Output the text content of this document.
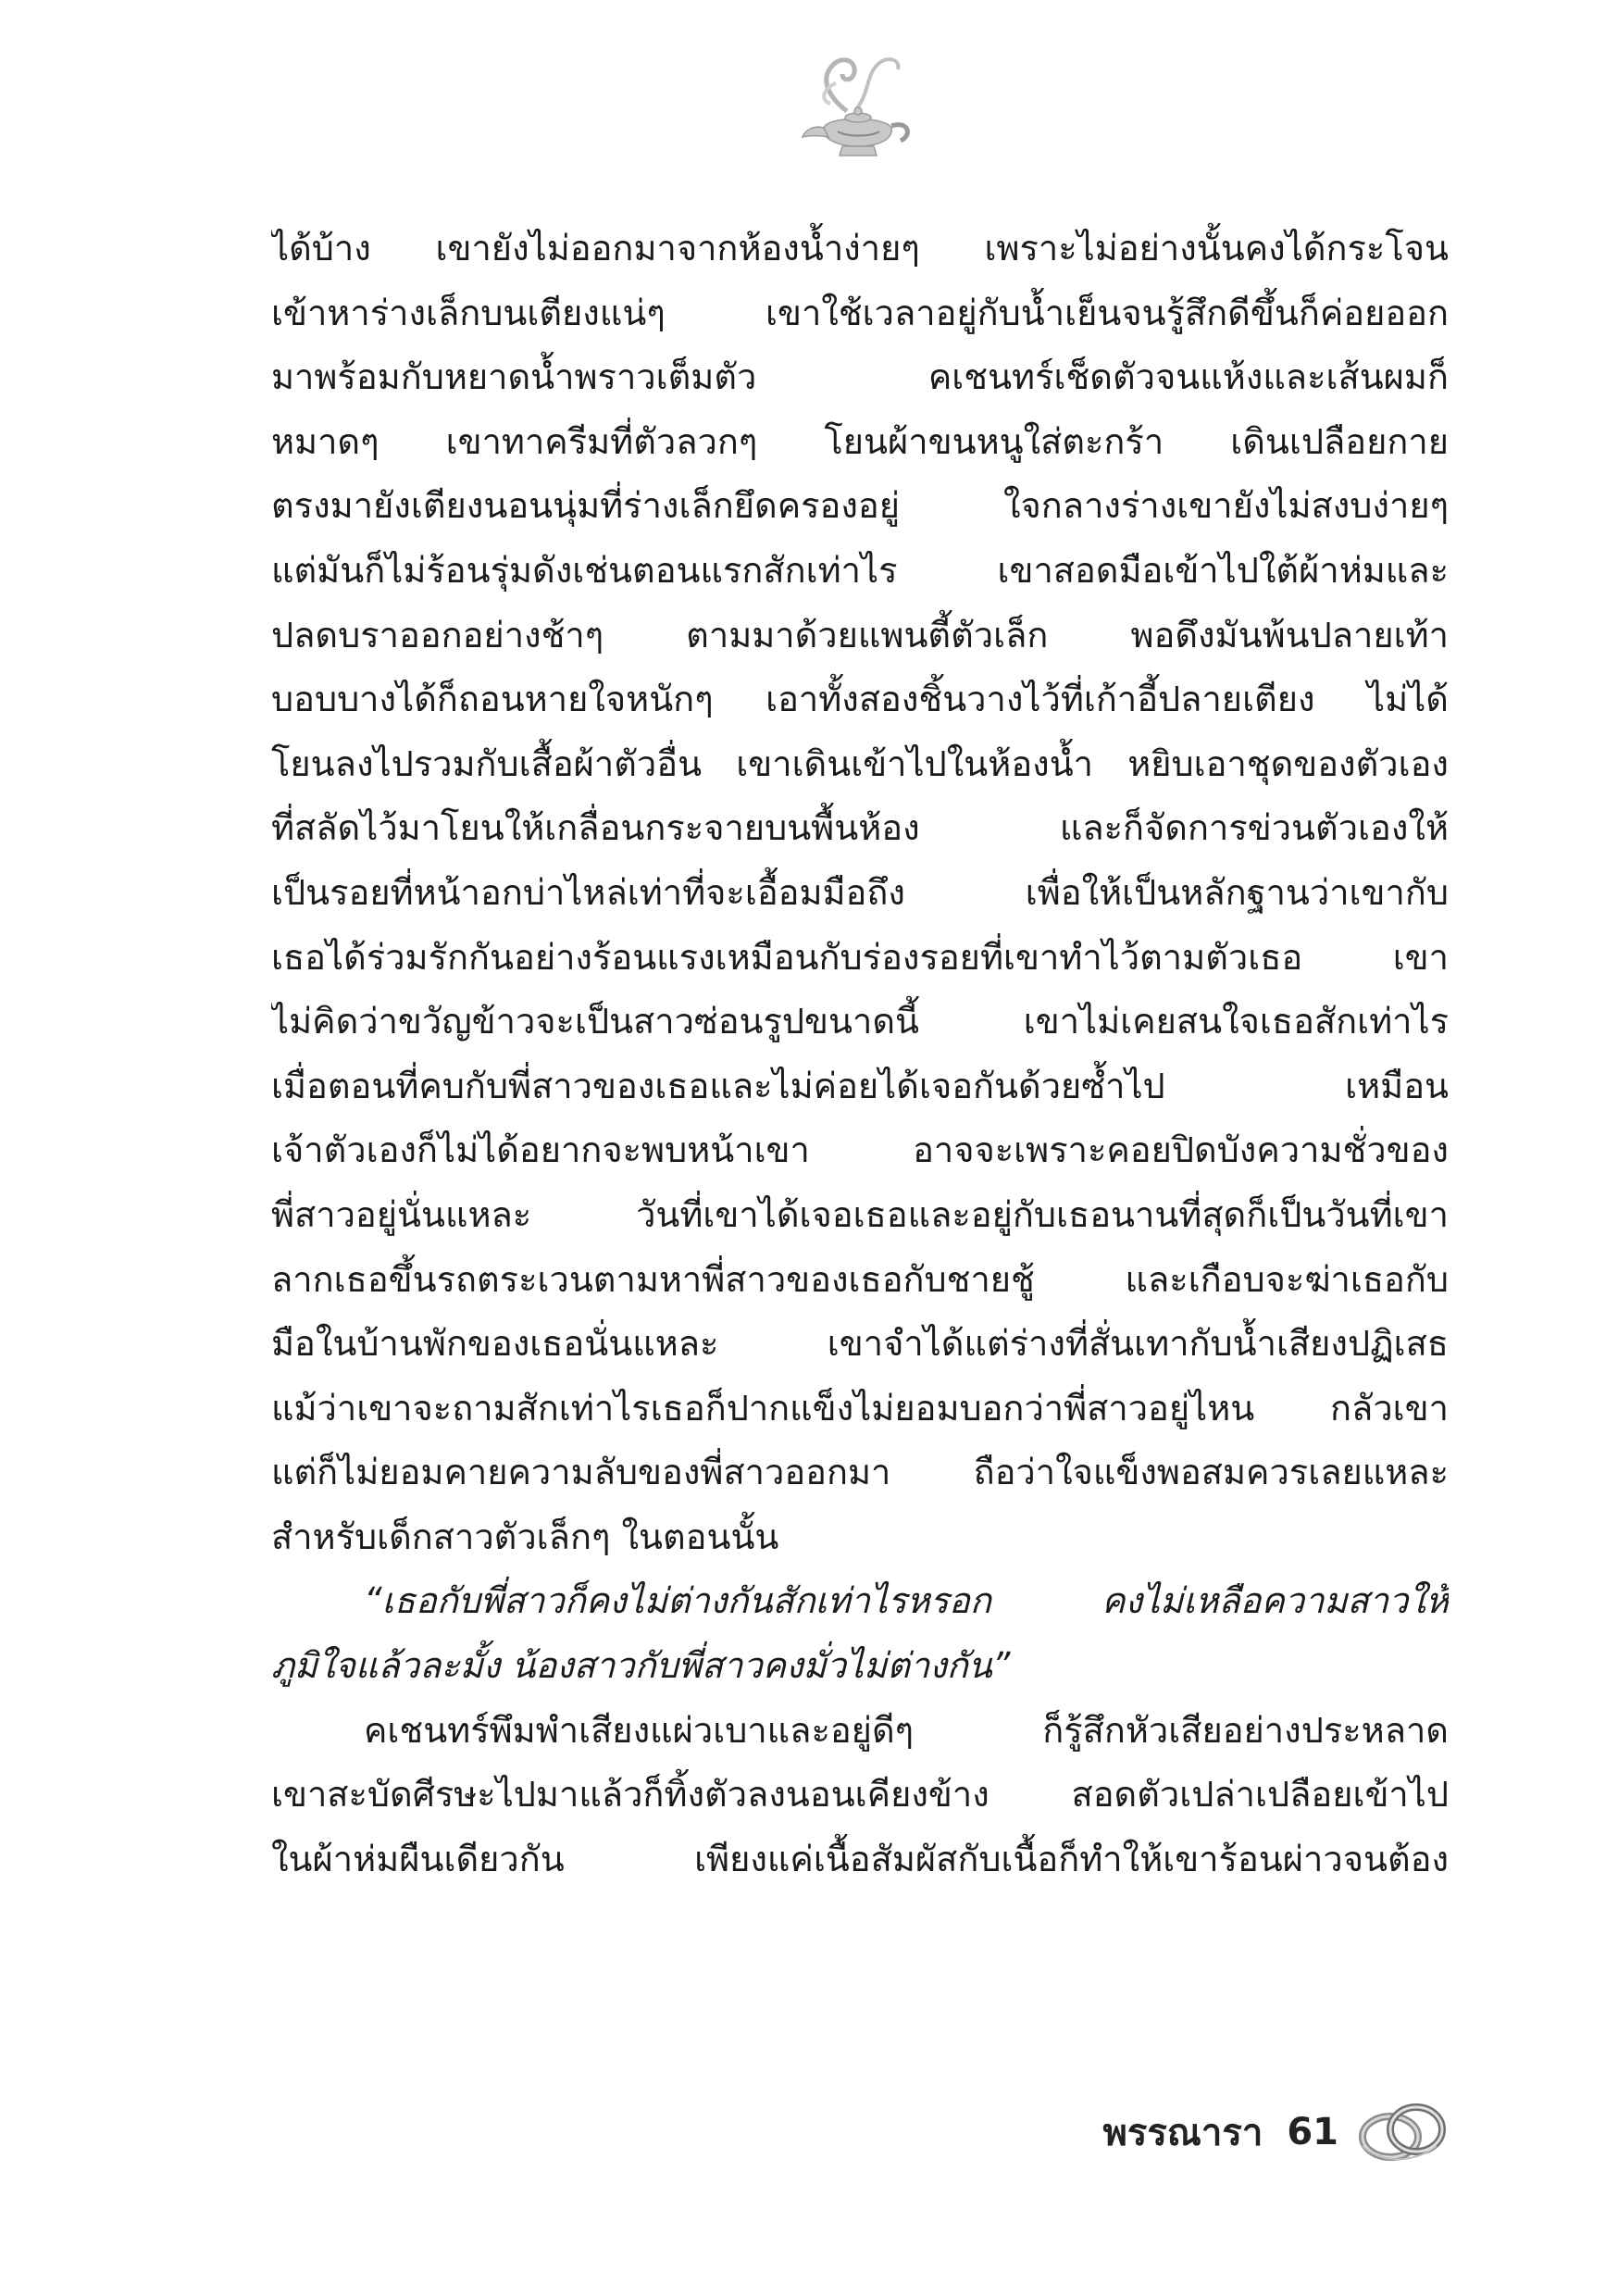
ได้บ้าง เขายังไม่ออกมาจากห้องน้ำง่ายๆ เพราะไม่อย่างนั้นคงได้กระโจน
เข้าหาร่างเล็กบนเตียงแน่ๆ เขาใช้เวลาอยู่กับน้ำเย็นจนรู้สึกดีขึ้นก็ค่อยออก
มาพร้อมกับหยาดน้ำพราวเต็มตัว คเชนทร์เช็ดตัวจนแห้งและเส้นผมก็
หมาดๆ เขาทาครีมที่ตัวลวกๆ โยนผ้าขนหนูใส่ตะกร้า เดินเปลือยกาย
ตรงมายังเตียงนอนนุ่มที่ร่างเล็กยึดครองอยู่ ใจกลางร่างเขายังไม่สงบง่ายๆ
แต่มันก็ไม่ร้อนรุ่มดังเช่นตอนแรกสักเท่าไร เขาสอดมือเข้าไปใต้ผ้าห่มและ
ปลดบราออกอย่างช้าๆ ตามมาด้วยแพนตี้ตัวเล็ก พอดึงมันพ้นปลายเท้า
บอบบางได้ก็ถอนหายใจหนักๆ เอาทั้งสองชิ้นวางไว้ที่เก้าอี้ปลายเตียง ไม่ได้
โยนลงไปรวมกับเสื้อผ้าตัวอื่น เขาเดินเข้าไปในห้องน้ำ หยิบเอาชุดของตัวเอง
ที่สลัดไว้มาโยนให้เกลื่อนกระจายบนพื้นห้อง และก็จัดการข่วนตัวเองให้
เป็นรอยที่หน้าอกบ่าไหล่เท่าที่จะเอื้อมมือถึง เพื่อให้เป็นหลักฐานว่าเขากับ
เธอได้ร่วมรักกันอย่างร้อนแรงเหมือนกับร่องรอยที่เขาทำไว้ตามตัวเธอ เขา
ไม่คิดว่าขวัญข้าวจะเป็นสาวซ่อนรูปขนาดนี้ เขาไม่เคยสนใจเธอสักเท่าไร
เมื่อตอนที่คบกับพี่สาวของเธอและไม่ค่อยได้เจอกันด้วยซ้ำไป เหมือน
เจ้าตัวเองก็ไม่ได้อยากจะพบหน้าเขา อาจจะเพราะคอยปิดบังความชั่วของ
พี่สาวอยู่นั่นแหละ วันที่เขาได้เจอเธอและอยู่กับเธอนานที่สุดก็เป็นวันที่เขา
ลากเธอขึ้นรถตระเวนตามหาพี่สาวของเธอกับชายชู้ และเกือบจะฆ่าเธอกับ
มือในบ้านพักของเธอนั่นแหละ เขาจำได้แต่ร่างที่สั่นเทากับน้ำเสียงปฏิเสธ
แม้ว่าเขาจะถามสักเท่าไรเธอก็ปากแข็งไม่ยอมบอกว่าพี่สาวอยู่ไหน กลัวเขา
แต่ก็ไม่ยอมคายความลับของพี่สาวออกมา ถือว่าใจแข็งพอสมควรเลยแหละ
สำหรับเด็กสาวตัวเล็กๆ ในตอนนั้น
“เธอกับพี่สาวก็คงไม่ต่างกันสักเท่าไรหรอก คงไม่เหลือความสาวให้
ภูมิใจแล้วละมั้ง น้องสาวกับพี่สาวคงมั่วไม่ต่างกัน”
คเชนทร์พึมพำเสียงแผ่วเบาและอยู่ดีๆ ก็รู้สึกหัวเสียอย่างประหลาด
เขาสะบัดศีรษะไปมาแล้วก็ทิ้งตัวลงนอนเคียงข้าง สอดตัวเปล่าเปลือยเข้าไป
ในผ้าห่มผืนเดียวกัน เพียงแค่เนื้อสัมผัสกับเนื้อก็ทำให้เขาร้อนผ่าวจนต้อง
พรรณารา 61
